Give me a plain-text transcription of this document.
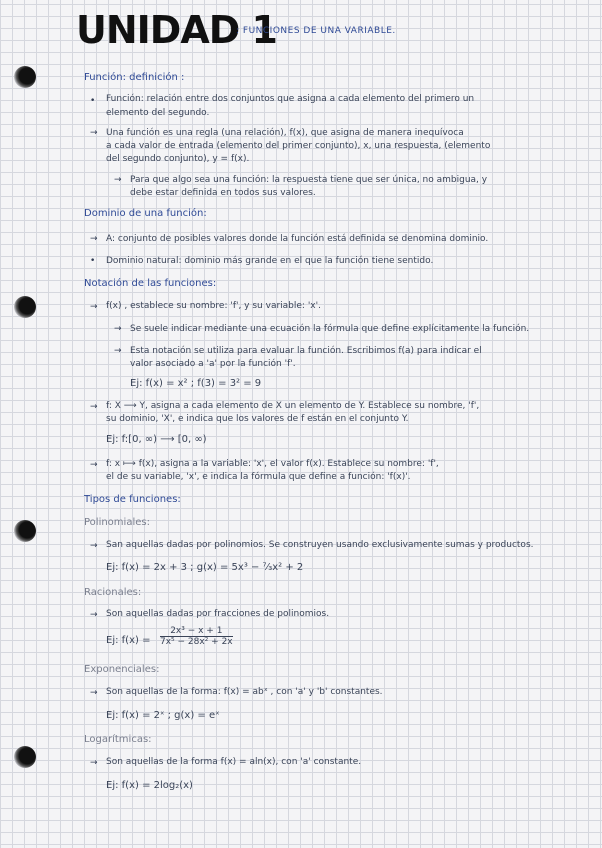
UNIDAD 1
: FUNCIONES DE UNA VARIABLE.
Función: definición :
• Función: relación entre dos conjuntos que asigna a cada elemento del primero un
elemento del segundo.
→ Una función es una regla (una relación), f(x), que asigna de manera inequívoca
a cada valor de entrada (elemento del primer conjunto), x, una respuesta, (elemento
del segundo conjunto), y = f(x).
→ Para que algo sea una función: la respuesta tiene que ser única, no ambigua, y
debe estar definida en todos sus valores.
Dominio de una función:
→ A: conjunto de posibles valores donde la función está definida se denomina dominio.
• Dominio natural: dominio más grande en el que la función tiene sentido.
Notación de las funciones:
→ f(x) , establece su nombre: 'f', y su variable: 'x'.
→ Se suele indicar mediante una ecuación la fórmula que define explícitamente la función.
→ Esta notación se utiliza para evaluar la función. Escribimos f(a) para indicar el
valor asociado a 'a' por la función 'f'.
Ej: f(x) = x² ; f(3) = 3² = 9
→ f: X ⟶ Y, asigna a cada elemento de X un elemento de Y. Establece su nombre, 'f',
su dominio, 'X', e indica que los valores de f están en el conjunto Y.
Ej: f:[0, ∞) ⟶ [0, ∞)
→ f: x ⟼ f(x), asigna a la variable: 'x', el valor f(x). Establece su nombre: 'f',
el de su variable, 'x', e indica la fórmula que define a función: 'f(x)'.
Tipos de funciones:
Polinomiales:
→ San aquellas dadas por polinomios. Se construyen usando exclusivamente sumas y productos.
Ej: f(x) = 2x + 3 ; g(x) = 5x³ − ⁷⁄₃x² + 2
Racionales:
→ Son aquellas dadas por fracciones de polinomios.
Ej: $f(x) = \frac{\text{2x³ − x + 1}}{\text{7x⁵ − 28x² + 2x}}$
Exponenciales:
→ Son aquellas de la forma: f(x) = abˣ , con 'a' y 'b' constantes.
Ej: f(x) = 2ˣ ; g(x) = eˣ
Logarítmicas:
→ Son aquellas de la forma f(x) = aln(x), con 'a' constante.
Ej: f(x) = 2log₂(x)
